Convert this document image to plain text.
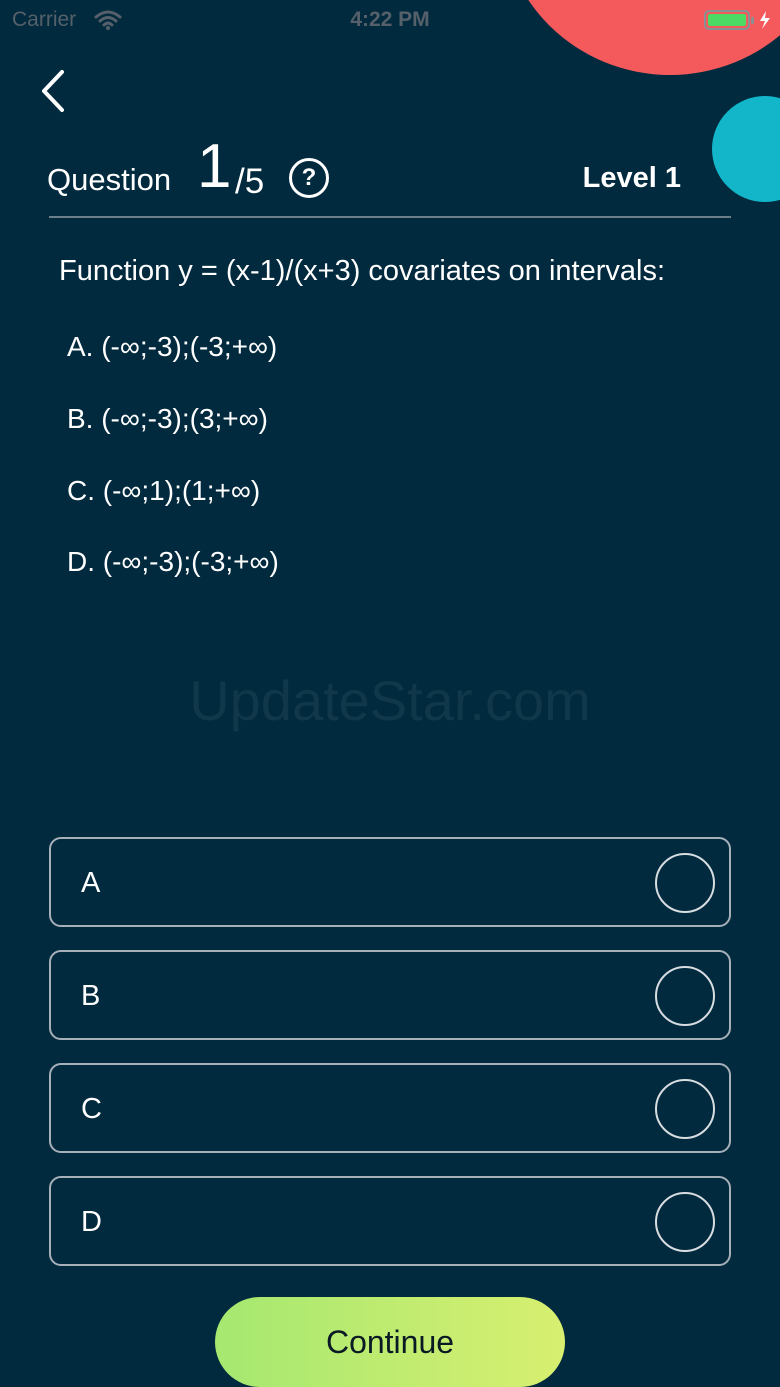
Carrier	4:22 PM
Question 1 /5	?	Level 1
Function y = (x-1)/(x+3) covariates on intervals:
A. (-∞;-3);(-3;+∞)
B. (-∞;-3);(3;+∞)
C. (-∞;1);(1;+∞)
D. (-∞;-3);(-3;+∞)
UpdateStar.com
A
B
C
D
Continue
